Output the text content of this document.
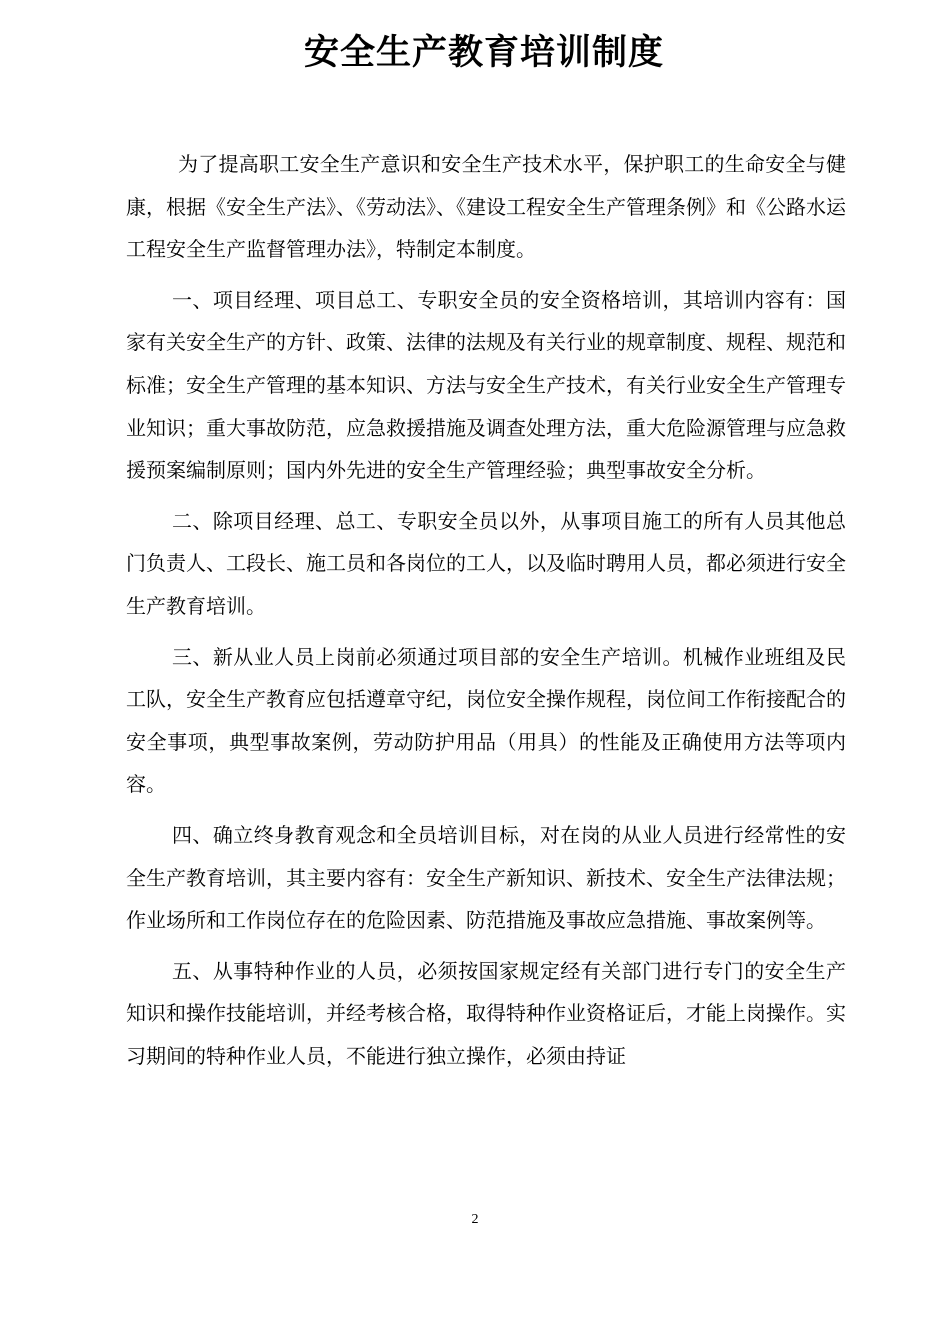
安全生产教育培训制度

为了提高职工安全生产意识和安全生产技术水平，保护职工的生命安全与健康，根据《安全生产法》、《劳动法》、《建设工程安全生产管理条例》和《公路水运工程安全生产监督管理办法》，特制定本制度。

一、项目经理、项目总工、专职安全员的安全资格培训，其培训内容有：国家有关安全生产的方针、政策、法律的法规及有关行业的规章制度、规程、规范和标准；安全生产管理的基本知识、方法与安全生产技术，有关行业安全生产管理专业知识；重大事故防范，应急救援措施及调查处理方法，重大危险源管理与应急救援预案编制原则；国内外先进的安全生产管理经验；典型事故安全分析。

二、除项目经理、总工、专职安全员以外，从事项目施工的所有人员其他总门负责人、工段长、施工员和各岗位的工人，以及临时聘用人员，都必须进行安全生产教育培训。

三、新从业人员上岗前必须通过项目部的安全生产培训。机械作业班组及民工队，安全生产教育应包括遵章守纪，岗位安全操作规程，岗位间工作衔接配合的安全事项，典型事故案例，劳动防护用品（用具）的性能及正确使用方法等项内容。

四、确立终身教育观念和全员培训目标，对在岗的从业人员进行经常性的安全生产教育培训，其主要内容有：安全生产新知识、新技术、安全生产法律法规；作业场所和工作岗位存在的危险因素、防范措施及事故应急措施、事故案例等。

五、从事特种作业的人员，必须按国家规定经有关部门进行专门的安全生产知识和操作技能培训，并经考核合格，取得特种作业资格证后，才能上岗操作。实习期间的特种作业人员，不能进行独立操作，必须由持证

2
